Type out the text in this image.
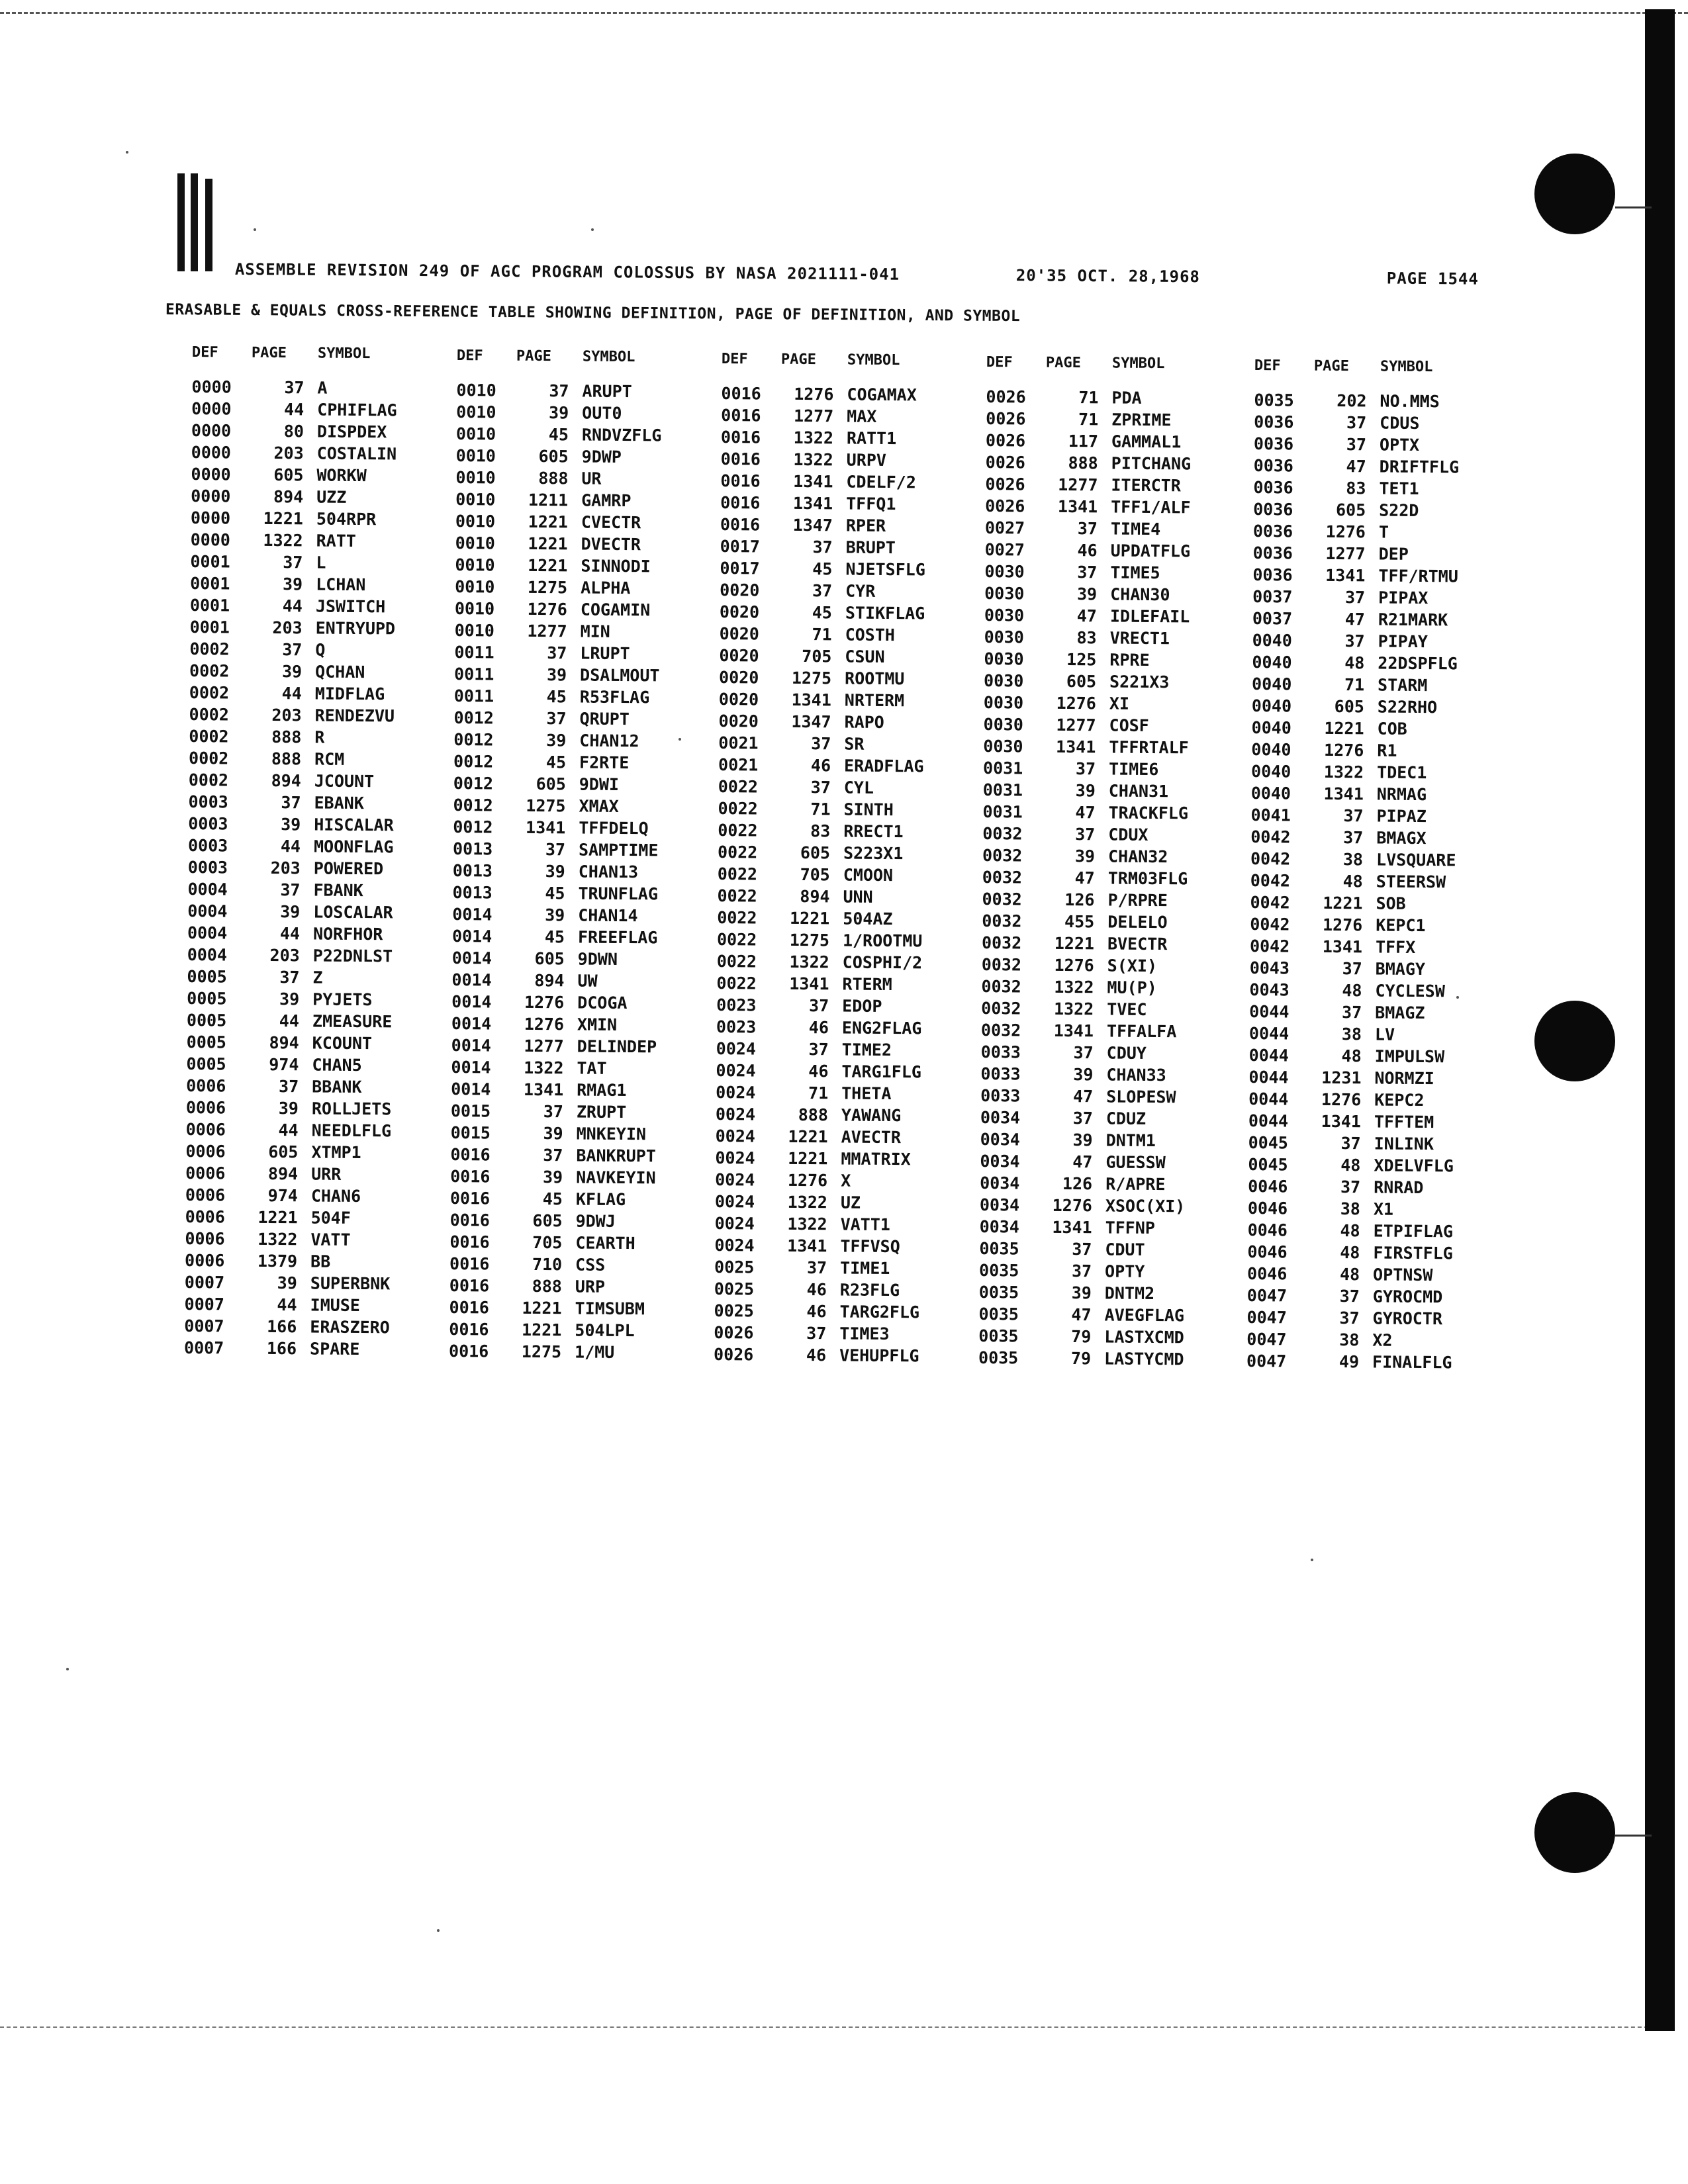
ASSEMBLE REVISION 249 OF AGC PROGRAM COLOSSUS BY NASA 2021111-041	20'35 OCT. 28,1968	PAGE 1544
ERASABLE & EQUALS CROSS-REFERENCE TABLE SHOWING DEFINITION, PAGE OF DEFINITION, AND SYMBOL
DEF PAGE SYMBOL
0000	37 A
0000	44 CPHIFLAG
0000	80 DISPDEX
0000	203 COSTALIN
0000	605 WORKW
0000	894 UZZ
0000	1221 504RPR
0000	1322 RATT
0001	37 L
0001	39 LCHAN
0001	44 JSWITCH
0001	203 ENTRYUPD
0002	37 Q
0002	39 QCHAN
0002	44 MIDFLAG
0002	203 RENDEZVU
0002	888 R
0002	888 RCM
0002	894 JCOUNT
0003	37 EBANK
0003	39 HISCALAR
0003	44 MOONFLAG
0003	203 POWERED
0004	37 FBANK
0004	39 LOSCALAR
0004	44 NORFHOR
0004	203 P22DNLST
0005	37 Z
0005	39 PYJETS
0005	44 ZMEASURE
0005	894 KCOUNT
0005	974 CHAN5
0006	37 BBANK
0006	39 ROLLJETS
0006	44 NEEDLFLG
0006	605 XTMP1
0006	894 URR
0006	974 CHAN6
0006	1221 504F
0006	1322 VATT
0006	1379 BB
0007	39 SUPERBNK
0007	44 IMUSE
0007	166 ERASZERO
0007	166 SPARE
DEF PAGE SYMBOL
0010	37 ARUPT
0010	39 OUT0
0010	45 RNDVZFLG
0010	605 9DWP
0010	888 UR
0010	1211 GAMRP
0010	1221 CVECTR
0010	1221 DVECTR
0010	1221 SINNODI
0010	1275 ALPHA
0010	1276 COGAMIN
0010	1277 MIN
0011	37 LRUPT
0011	39 DSALMOUT
0011	45 R53FLAG
0012	37 QRUPT
0012	39 CHAN12
0012	45 F2RTE
0012	605 9DWI
0012	1275 XMAX
0012	1341 TFFDELQ
0013	37 SAMPTIME
0013	39 CHAN13
0013	45 TRUNFLAG
0014	39 CHAN14
0014	45 FREEFLAG
0014	605 9DWN
0014	894 UW
0014	1276 DCOGA
0014	1276 XMIN
0014	1277 DELINDEP
0014	1322 TAT
0014	1341 RMAG1
0015	37 ZRUPT
0015	39 MNKEYIN
0016	37 BANKRUPT
0016	39 NAVKEYIN
0016	45 KFLAG
0016	605 9DWJ
0016	705 CEARTH
0016	710 CSS
0016	888 URP
0016	1221 TIMSUBM
0016	1221 504LPL
0016	1275 1/MU
DEF PAGE SYMBOL
0016	1276 COGAMAX
0016	1277 MAX
0016	1322 RATT1
0016	1322 URPV
0016	1341 CDELF/2
0016	1341 TFFQ1
0016	1347 RPER
0017	37 BRUPT
0017	45 NJETSFLG
0020	37 CYR
0020	45 STIKFLAG
0020	71 COSTH
0020	705 CSUN
0020	1275 ROOTMU
0020	1341 NRTERM
0020	1347 RAPO
0021	37 SR
0021	46 ERADFLAG
0022	37 CYL
0022	71 SINTH
0022	83 RRECT1
0022	605 S223X1
0022	705 CMOON
0022	894 UNN
0022	1221 504AZ
0022	1275 1/ROOTMU
0022	1322 COSPHI/2
0022	1341 RTERM
0023	37 EDOP
0023	46 ENG2FLAG
0024	37 TIME2
0024	46 TARG1FLG
0024	71 THETA
0024	888 YAWANG
0024	1221 AVECTR
0024	1221 MMATRIX
0024	1276 X
0024	1322 UZ
0024	1322 VATT1
0024	1341 TFFVSQ
0025	37 TIME1
0025	46 R23FLG
0025	46 TARG2FLG
0026	37 TIME3
0026	46 VEHUPFLG
DEF PAGE SYMBOL
0026	71 PDA
0026	71 ZPRIME
0026	117 GAMMAL1
0026	888 PITCHANG
0026	1277 ITERCTR
0026	1341 TFF1/ALF
0027	37 TIME4
0027	46 UPDATFLG
0030	37 TIME5
0030	39 CHAN30
0030	47 IDLEFAIL
0030	83 VRECT1
0030	125 RPRE
0030	605 S221X3
0030	1276 XI
0030	1277 COSF
0030	1341 TFFRTALF
0031	37 TIME6
0031	39 CHAN31
0031	47 TRACKFLG
0032	37 CDUX
0032	39 CHAN32
0032	47 TRM03FLG
0032	126 P/RPRE
0032	455 DELELO
0032	1221 BVECTR
0032	1276 S(XI)
0032	1322 MU(P)
0032	1322 TVEC
0032	1341 TFFALFA
0033	37 CDUY
0033	39 CHAN33
0033	47 SLOPESW
0034	37 CDUZ
0034	39 DNTM1
0034	47 GUESSW
0034	126 R/APRE
0034	1276 XSOC(XI)
0034	1341 TFFNP
0035	37 CDUT
0035	37 OPTY
0035	39 DNTM2
0035	47 AVEGFLAG
0035	79 LASTXCMD
0035	79 LASTYCMD
DEF PAGE SYMBOL
0035	202 NO.MMS
0036	37 CDUS
0036	37 OPTX
0036	47 DRIFTFLG
0036	83 TET1
0036	605 S22D
0036	1276 T
0036	1277 DEP
0036	1341 TFF/RTMU
0037	37 PIPAX
0037	47 R21MARK
0040	37 PIPAY
0040	48 22DSPFLG
0040	71 STARM
0040	605 S22RHO
0040	1221 COB
0040	1276 R1
0040	1322 TDEC1
0040	1341 NRMAG
0041	37 PIPAZ
0042	37 BMAGX
0042	38 LVSQUARE
0042	48 STEERSW
0042	1221 SOB
0042	1276 KEPC1
0042	1341 TFFX
0043	37 BMAGY
0043	48 CYCLESW
0044	37 BMAGZ
0044	38 LV
0044	48 IMPULSW
0044	1231 NORMZI
0044	1276 KEPC2
0044	1341 TFFTEM
0045	37 INLINK
0045	48 XDELVFLG
0046	37 RNRAD
0046	38 X1
0046	48 ETPIFLAG
0046	48 FIRSTFLG
0046	48 OPTNSW
0047	37 GYROCMD
0047	37 GYROCTR
0047	38 X2
0047	49 FINALFLG
